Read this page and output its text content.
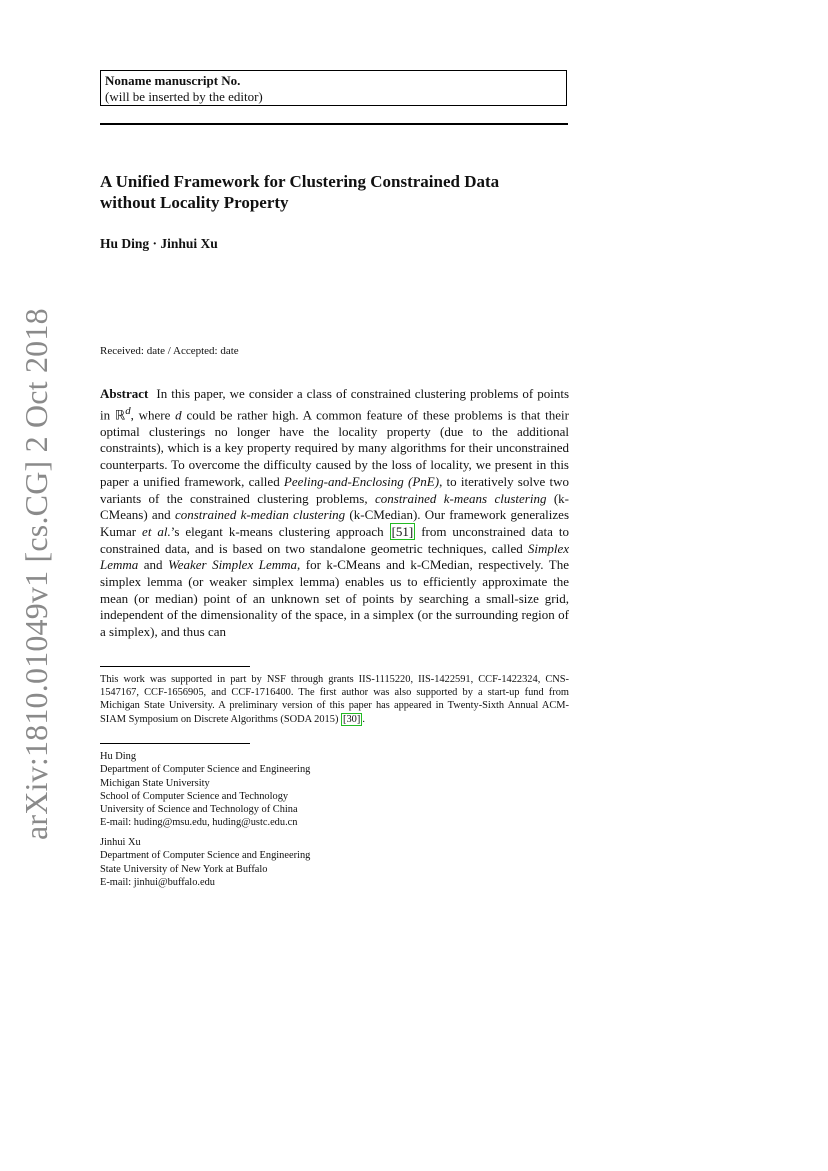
arXiv:1810.01049v1 [cs.CG] 2 Oct 2018
Noname manuscript No.
(will be inserted by the editor)
A Unified Framework for Clustering Constrained Data
without Locality Property
Hu Ding · Jinhui Xu
Received: date / Accepted: date
Abstract In this paper, we consider a class of constrained clustering problems of points in ℝ$^d$, where d could be rather high. A common feature of these problems is that their optimal clusterings no longer have the locality property (due to the additional constraints), which is a key property required by many algorithms for their unconstrained counterparts. To overcome the difficulty caused by the loss of locality, we present in this paper a unified framework, called Peeling-and-Enclosing (PnE), to iteratively solve two variants of the constrained clustering problems, constrained k-means clustering (k-CMeans) and constrained k-median clustering (k-CMedian). Our framework generalizes Kumar et al.’s elegant k-means clustering approach [51] from unconstrained data to constrained data, and is based on two standalone geometric techniques, called Simplex Lemma and Weaker Simplex Lemma, for k-CMeans and k-CMedian, respectively. The simplex lemma (or weaker simplex lemma) enables us to efficiently approximate the mean (or median) point of an unknown set of points by searching a small-size grid, independent of the dimensionality of the space, in a simplex (or the surrounding region of a simplex), and thus can
This work was supported in part by NSF through grants IIS-1115220, IIS-1422591, CCF-1422324, CNS-1547167, CCF-1656905, and CCF-1716400. The first author was also supported by a start-up fund from Michigan State University. A preliminary version of this paper has appeared in Twenty-Sixth Annual ACM-SIAM Symposium on Discrete Algorithms (SODA 2015) [30] .
Hu Ding
Department of Computer Science and Engineering
Michigan State University
School of Computer Science and Technology
University of Science and Technology of China
E-mail: huding@msu.edu, huding@ustc.edu.cn
Jinhui Xu
Department of Computer Science and Engineering
State University of New York at Buffalo
E-mail: jinhui@buffalo.edu
